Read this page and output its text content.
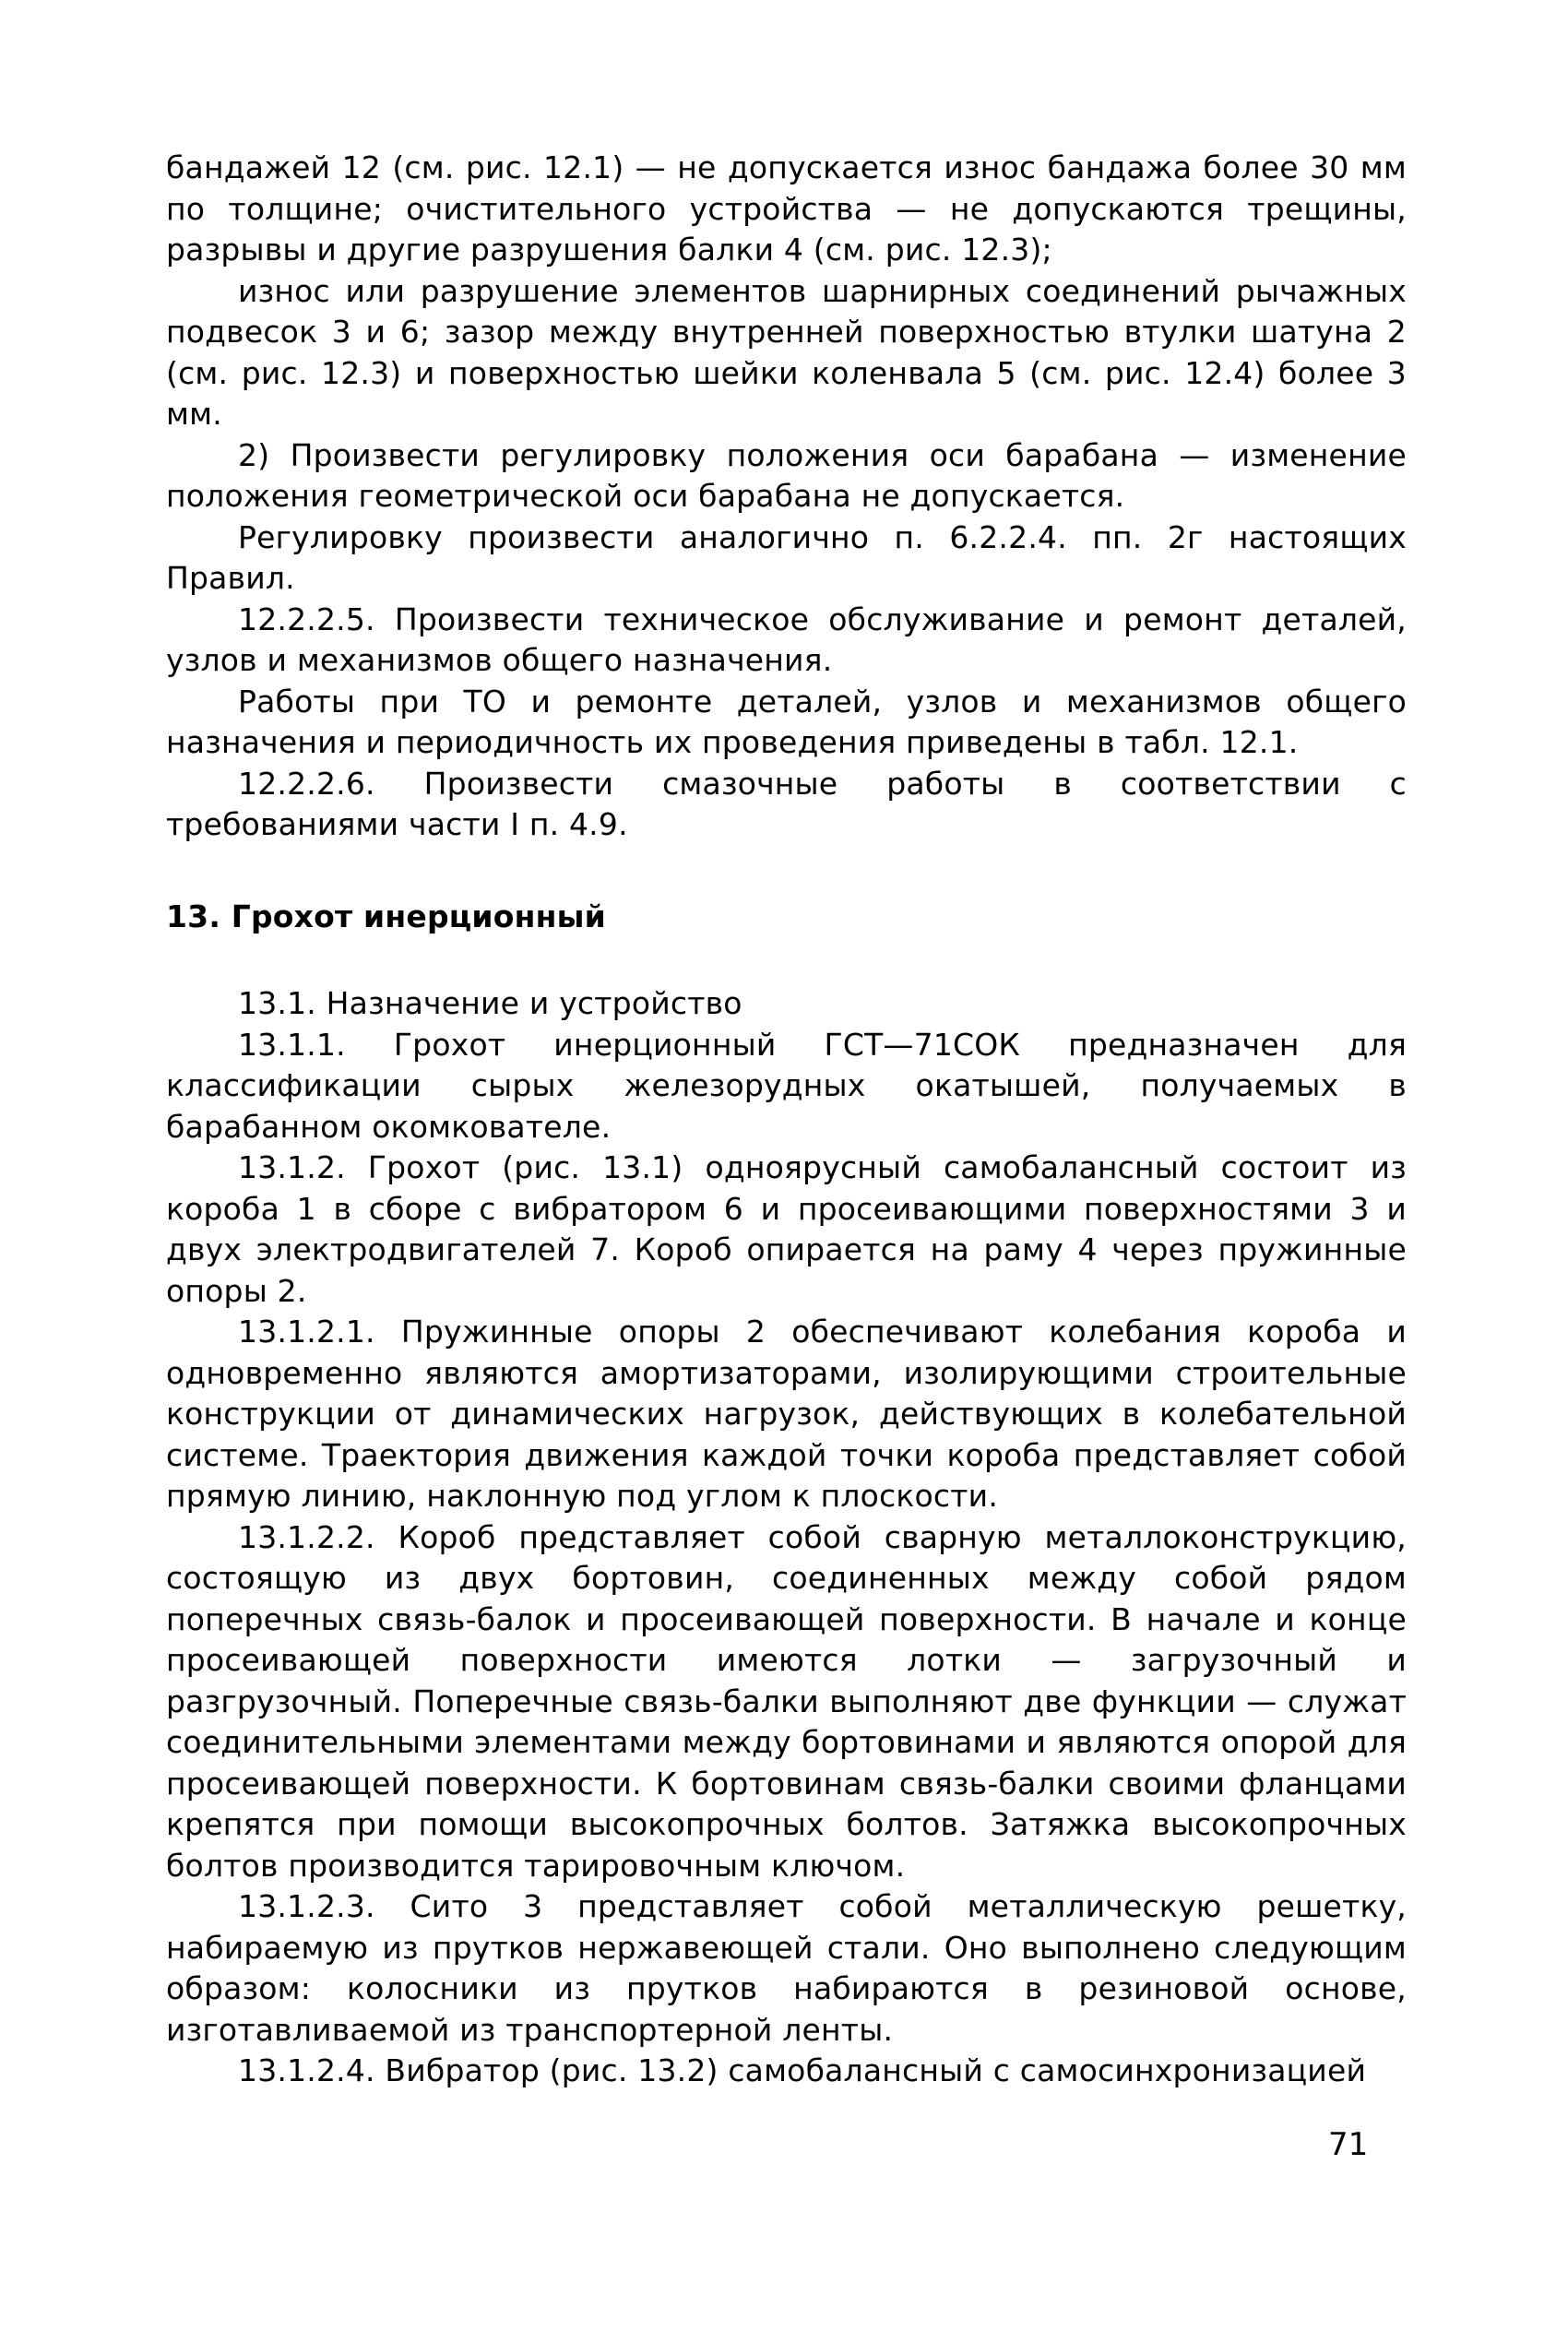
бандажей 12 (см. рис. 12.1) — не допускается износ бандажа более 30 мм по толщине; очистительного устройства — не допускаются трещины, разрывы и другие разрушения балки 4 (см. рис. 12.3);

износ или разрушение элементов шарнирных соединений рычажных подвесок 3 и 6; зазор между внутренней поверхностью втулки шатуна 2 (см. рис. 12.3) и поверхностью шейки коленвала 5 (см. рис. 12.4) более 3 мм.

2) Произвести регулировку положения оси барабана — изменение положения геометрической оси барабана не допускается.

Регулировку произвести аналогично п. 6.2.2.4. пп. 2г настоящих Правил.

12.2.2.5. Произвести техническое обслуживание и ремонт деталей, узлов и механизмов общего назначения.

Работы при ТО и ремонте деталей, узлов и механизмов общего назначения и периодичность их проведения приведены в табл. 12.1.

12.2.2.6. Произвести смазочные работы в соответствии с требованиями части I п. 4.9.

13. Грохот инерционный

13.1. Назначение и устройство

13.1.1. Грохот инерционный ГСТ—71СОК предназначен для классификации сырых железорудных окатышей, получаемых в барабанном окомкователе.

13.1.2. Грохот (рис. 13.1) одноярусный самобалансный состоит из короба 1 в сборе с вибратором 6 и просеивающими поверхностями 3 и двух электродвигателей 7. Короб опирается на раму 4 через пружинные опоры 2.

13.1.2.1. Пружинные опоры 2 обеспечивают колебания короба и одновременно являются амортизаторами, изолирующими строительные конструкции от динамических нагрузок, действующих в колебательной системе. Траектория движения каждой точки короба представляет собой прямую линию, наклонную под углом к плоскости.

13.1.2.2. Короб представляет собой сварную металлоконструкцию, состоящую из двух бортовин, соединенных между собой рядом поперечных связь-балок и просеивающей поверхности. В начале и конце просеивающей поверхности имеются лотки — загрузочный и разгрузочный. Поперечные связь-балки выполняют две функции — служат соединительными элементами между бортовинами и являются опорой для просеивающей поверхности. К бортовинам связь-балки своими фланцами крепятся при помощи высокопрочных болтов. Затяжка высокопрочных болтов производится тарировочным ключом.

13.1.2.3. Сито 3 представляет собой металлическую решетку, набираемую из прутков нержавеющей стали. Оно выполнено следующим образом: колосники из прутков набираются в резиновой основе, изготавливаемой из транспортерной ленты.

13.1.2.4. Вибратор (рис. 13.2) самобалансный с самосинхронизацией

71
